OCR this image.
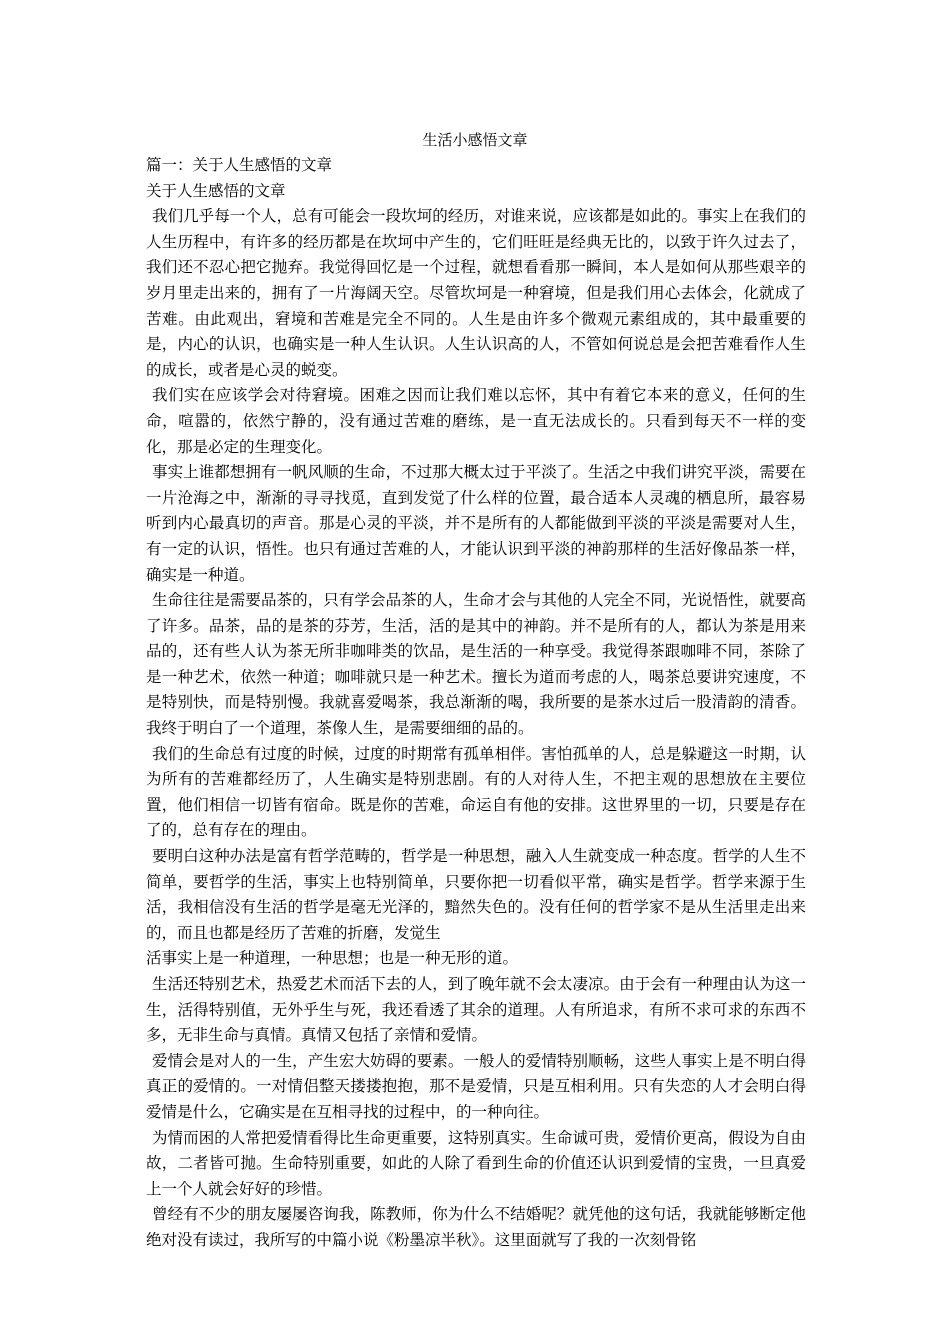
生活小感悟文章

篇一：关于人生感悟的文章

关于人生感悟的文章

我们几乎每一个人，总有可能会一段坎坷的经历，对谁来说，应该都是如此的。事实上在我们的人生历程中，有许多的经历都是在坎坷中产生的，它们旺旺是经典无比的，以致于许久过去了，我们还不忍心把它抛弃。我觉得回忆是一个过程，就想看看那一瞬间，本人是如何从那些艰辛的岁月里走出来的，拥有了一片海阔天空。尽管坎坷是一种窘境，但是我们用心去体会，化就成了苦难。由此观出，窘境和苦难是完全不同的。人生是由许多个微观元素组成的，其中最重要的是，内心的认识，也确实是一种人生认识。人生认识高的人，不管如何说总是会把苦难看作人生的成长，或者是心灵的蜕变。

我们实在应该学会对待窘境。困难之因而让我们难以忘怀，其中有着它本来的意义，任何的生命，喧嚣的，依然宁静的，没有通过苦难的磨练，是一直无法成长的。只看到每天不一样的变化，那是必定的生理变化。

事实上谁都想拥有一帆风顺的生命，不过那大概太过于平淡了。生活之中我们讲究平淡，需要在一片沧海之中，渐渐的寻寻找觅，直到发觉了什么样的位置，最合适本人灵魂的栖息所，最容易听到内心最真切的声音。那是心灵的平淡，并不是所有的人都能做到平淡的平淡是需要对人生，有一定的认识，悟性。也只有通过苦难的人，才能认识到平淡的神韵那样的生活好像品茶一样，确实是一种道。

生命往往是需要品茶的，只有学会品茶的人，生命才会与其他的人完全不同，光说悟性，就要高了许多。品茶，品的是茶的芬芳，生活，活的是其中的神韵。并不是所有的人，都认为茶是用来品的，还有些人认为茶无所非咖啡类的饮品，是生活的一种享受。我觉得茶跟咖啡不同，茶除了是一种艺术，依然一种道；咖啡就只是一种艺术。擅长为道而考虑的人，喝茶总要讲究速度，不是特别快，而是特别慢。我就喜爱喝茶，我总渐渐的喝，我所要的是茶水过后一股清韵的清香。我终于明白了一个道理，茶像人生，是需要细细的品的。

我们的生命总有过度的时候，过度的时期常有孤单相伴。害怕孤单的人，总是躲避这一时期，认为所有的苦难都经历了，人生确实是特别悲剧。有的人对待人生，不把主观的思想放在主要位置，他们相信一切皆有宿命。既是你的苦难，命运自有他的安排。这世界里的一切，只要是存在了的，总有存在的理由。

要明白这种办法是富有哲学范畴的，哲学是一种思想，融入人生就变成一种态度。哲学的人生不简单，要哲学的生活，事实上也特别简单，只要你把一切看似平常，确实是哲学。哲学来源于生活，我相信没有生活的哲学是毫无光泽的，黯然失色的。没有任何的哲学家不是从生活里走出来的，而且也都是经历了苦难的折磨，发觉生

活事实上是一种道理，一种思想；也是一种无形的道。

生活还特别艺术，热爱艺术而活下去的人，到了晚年就不会太凄凉。由于会有一种理由认为这一生，活得特别值，无外乎生与死，我还看透了其余的道理。人有所追求，有所不求可求的东西不多，无非生命与真情。真情又包括了亲情和爱情。

爱情会是对人的一生，产生宏大妨碍的要素。一般人的爱情特别顺畅，这些人事实上是不明白得真正的爱情的。一对情侣整天搂搂抱抱，那不是爱情，只是互相利用。只有失恋的人才会明白得爱情是什么，它确实是在互相寻找的过程中，的一种向往。

为情而困的人常把爱情看得比生命更重要，这特别真实。生命诚可贵，爱情价更高，假设为自由故，二者皆可抛。生命特别重要，如此的人除了看到生命的价值还认识到爱情的宝贵，一旦真爱上一个人就会好好的珍惜。

曾经有不少的朋友屡屡咨询我，陈教师，你为什么不结婚呢？就凭他的这句话，我就能够断定他绝对没有读过，我所写的中篇小说《粉墨凉半秋》。这里面就写了我的一次刻骨铭
